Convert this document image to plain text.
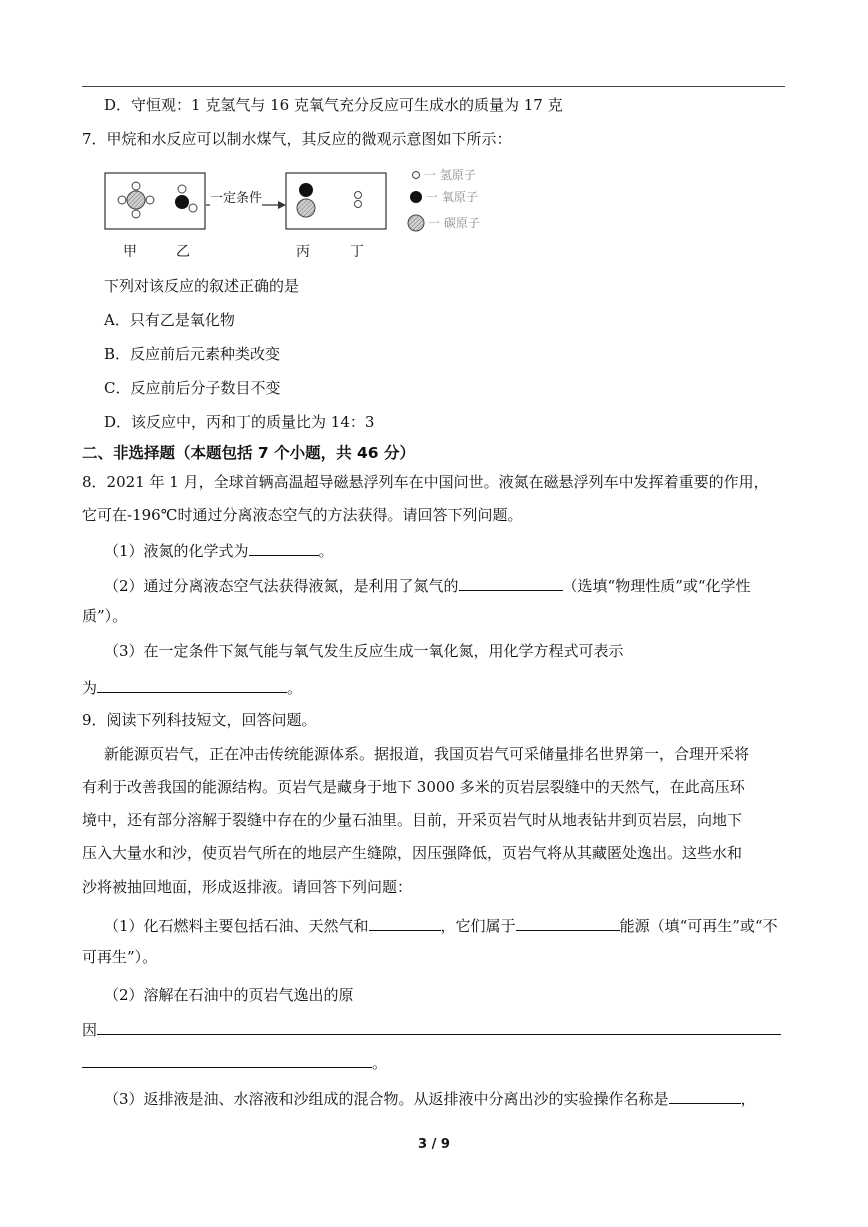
D．守恒观：1 克氢气与 16 克氧气充分反应可生成水的质量为 17 克
7．甲烷和水反应可以制水煤气，其反应的微观示意图如下所示：
一 氢原子
一 氧原子
一 碳原子
一定条件
甲	乙	丙	丁
下列对该反应的叙述正确的是
A．只有乙是氧化物
B．反应前后元素种类改变
C．反应前后分子数目不变
D．该反应中，丙和丁的质量比为 14：3
二、非选择题（本题包括 7 个小题，共 46 分）
8．2021 年 1 月，全球首辆高温超导磁悬浮列车在中国问世。液氮在磁悬浮列车中发挥着重要的作用，
它可在-196℃时通过分离液态空气的方法获得。请回答下列问题。
（1）液氮的化学式为	。
（2）通过分离液态空气法获得液氮，是利用了氮气的	（选填“物理性质”或“化学性
质”）。
（3）在一定条件下氮气能与氧气发生反应生成一氧化氮，用化学方程式可表示
为	。
9．阅读下列科技短文，回答问题。
新能源页岩气，正在冲击传统能源体系。据报道，我国页岩气可采储量排名世界第一，合理开采将
有利于改善我国的能源结构。页岩气是藏身于地下 3000 多米的页岩层裂缝中的天然气，在此高压环
境中，还有部分溶解于裂缝中存在的少量石油里。目前，开采页岩气时从地表钻井到页岩层，向地下
压入大量水和沙，使页岩气所在的地层产生缝隙，因压强降低，页岩气将从其藏匿处逸出。这些水和
沙将被抽回地面，形成返排液。请回答下列问题：
（1）化石燃料主要包括石油、天然气和	，它们属于	能源（填“可再生”或“不
可再生”）。
（2）溶解在石油中的页岩气逸出的原
因
。
（3）返排液是油、水溶液和沙组成的混合物。从返排液中分离出沙的实验操作名称是	，
3 / 9
